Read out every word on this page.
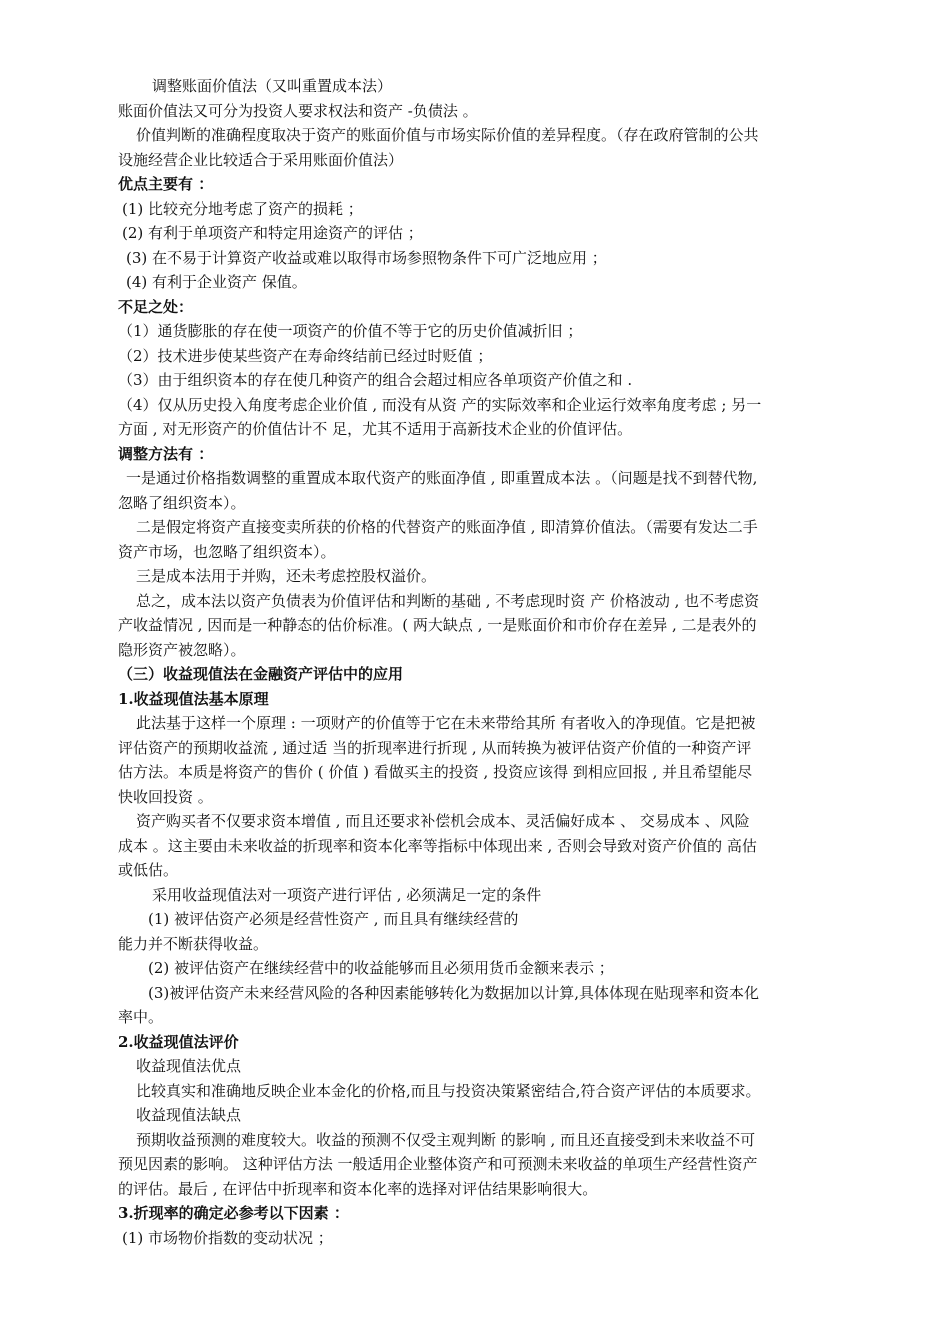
调整账面价值法（又叫重置成本法）

账面价值法又可分为投资人要求权法和资产 -负债法 。

价值判断的准确程度取决于资产的账面价值与市场实际价值的差异程度。（存在政府管制的公共

设施经营企业比较适合于采用账面价值法）

优点主要有 ：

(1) 比较充分地考虑了资产的损耗 ；

(2) 有利于单项资产和特定用途资产的评估 ；

(3) 在不易于计算资产收益或难以取得市场参照物条件下可广泛地应用 ；

(4) 有利于企业资产 保值。

不足之处：

（1）通货膨胀的存在使一项资产的价值不等于它的历史价值减折旧 ；

（2）技术进步使某些资产在寿命终结前已经过时贬值 ；

（3）由于组织资本的存在使几种资产的组合会超过相应各单项资产价值之和 .

（4）仅从历史投入角度考虑企业价值 , 而没有从资 产的实际效率和企业运行效率角度考虑 ; 另一

方面 , 对无形资产的价值估计不 足，尤其不适用于高新技术企业的价值评估。

调整方法有 ：

一是通过价格指数调整的重置成本取代资产的账面净值 , 即重置成本法 。（问题是找不到替代物,

忽略了组织资本）。

二是假定将资产直接变卖所获的价格的代替资产的账面净值 , 即清算价值法。（需要有发达二手

资产市场，也忽略了组织资本）。

三是成本法用于并购，还未考虑控股权溢价。

总之，成本法以资产负债表为价值评估和判断的基础 , 不考虑现时资 产 价格波动 , 也不考虑资

产收益情况 , 因而是一种静态的估价标准。( 两大缺点 , 一是账面价和市价存在差异 , 二是表外的

隐形资产被忽略）。

（三）收益现值法在金融资产评估中的应用

1.收益现值法基本原理

此法基于这样一个原理 : 一项财产的价值等于它在未来带给其所 有者收入的净现值。它是把被

评估资产的预期收益流 , 通过适 当的折现率进行折现 , 从而转换为被评估资产价值的一种资产评

估方法。本质是将资产的售价 ( 价值 ) 看做买主的投资 , 投资应该得 到相应回报 , 并且希望能尽

快收回投资 。

资产购买者不仅要求资本增值 , 而且还要求补偿机会成本、灵活偏好成本 、 交易成本 、风险

成本 。这主要由未来收益的折现率和资本化率等指标中体现出来 , 否则会导致对资产价值的 高估

或低估。

采用收益现值法对一项资产进行评估 , 必须满足一定的条件

(1) 被评估资产必须是经营性资产 , 而且具有继续经营的

能力并不断获得收益。

(2) 被评估资产在继续经营中的收益能够而且必须用货币金额来表示 ；

(3)被评估资产未来经营风险的各种因素能够转化为数据加以计算,具体体现在贴现率和资本化

率中。

2.收益现值法评价

收益现值法优点

比较真实和准确地反映企业本金化的价格,而且与投资决策紧密结合,符合资产评估的本质要求。

收益现值法缺点

预期收益预测的难度较大。收益的预测不仅受主观判断 的影响 , 而且还直接受到未来收益不可

预见因素的影响。 这种评估方法 一般适用企业整体资产和可预测未来收益的单项生产经营性资产

的评估。最后 , 在评估中折现率和资本化率的选择对评估结果影响很大。

3.折现率的确定必参考以下因素 ：

(1) 市场物价指数的变动状况 ；
